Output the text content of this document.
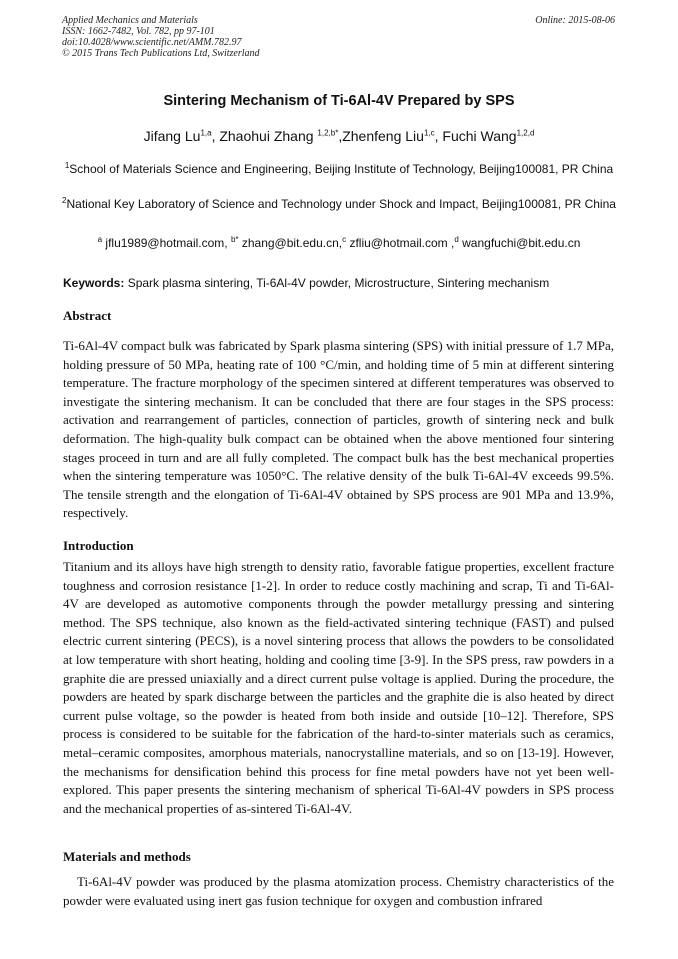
Applied Mechanics and Materials
ISSN: 1662-7482, Vol. 782, pp 97-101
doi:10.4028/www.scientific.net/AMM.782.97
© 2015 Trans Tech Publications Ltd, Switzerland
Online: 2015-08-06
Sintering Mechanism of Ti-6Al-4V Prepared by SPS
Jifang Lu$^{1,a}$, Zhaohui Zhang $^{1,2,b*}$,Zhenfeng Liu$^{1,c}$, Fuchi Wang$^{1,2,d}$
$^1$School of Materials Science and Engineering, Beijing Institute of Technology, Beijing100081, PR China
$^2$National Key Laboratory of Science and Technology under Shock and Impact, Beijing100081, PR China
$^a$ jflu1989@hotmail.com, $^{b*}$ zhang@bit.edu.cn,$^c$ zfliu@hotmail.com ,$^d$ wangfuchi@bit.edu.cn
Keywords: Spark plasma sintering, Ti-6Al-4V powder, Microstructure, Sintering mechanism
Abstract

Ti-6Al-4V compact bulk was fabricated by Spark plasma sintering (SPS) with initial pressure of 1.7 MPa, holding pressure of 50 MPa, heating rate of 100 °C/min, and holding time of 5 min at different sintering temperature. The fracture morphology of the specimen sintered at different temperatures was observed to investigate the sintering mechanism. It can be concluded that there are four stages in the SPS process: activation and rearrangement of particles, connection of particles, growth of sintering neck and bulk deformation. The high-quality bulk compact can be obtained when the above mentioned four sintering stages proceed in turn and are all fully completed. The compact bulk has the best mechanical properties when the sintering temperature was 1050°C. The relative density of the bulk Ti-6Al-4V exceeds 99.5%. The tensile strength and the elongation of Ti-6Al-4V obtained by SPS process are 901 MPa and 13.9%, respectively.

Introduction

Titanium and its alloys have high strength to density ratio, favorable fatigue properties, excellent fracture toughness and corrosion resistance [1-2]. In order to reduce costly machining and scrap, Ti and Ti-6Al-4V are developed as automotive components through the powder metallurgy pressing and sintering method. The SPS technique, also known as the field-activated sintering technique (FAST) and pulsed electric current sintering (PECS), is a novel sintering process that allows the powders to be consolidated at low temperature with short heating, holding and cooling time [3-9]. In the SPS press, raw powders in a graphite die are pressed uniaxially and a direct current pulse voltage is applied. During the procedure, the powders are heated by spark discharge between the particles and the graphite die is also heated by direct current pulse voltage, so the powder is heated from both inside and outside [10–12]. Therefore, SPS process is considered to be suitable for the fabrication of the hard-to-sinter materials such as ceramics, metal–ceramic composites, amorphous materials, nanocrystalline materials, and so on [13-19]. However, the mechanisms for densification behind this process for fine metal powders have not yet been well-explored. This paper presents the sintering mechanism of spherical Ti-6Al-4V powders in SPS process and the mechanical properties of as-sintered Ti-6Al-4V.

Materials and methods

Ti-6Al-4V powder was produced by the plasma atomization process. Chemistry characteristics of the powder were evaluated using inert gas fusion technique for oxygen and combustion infrared
